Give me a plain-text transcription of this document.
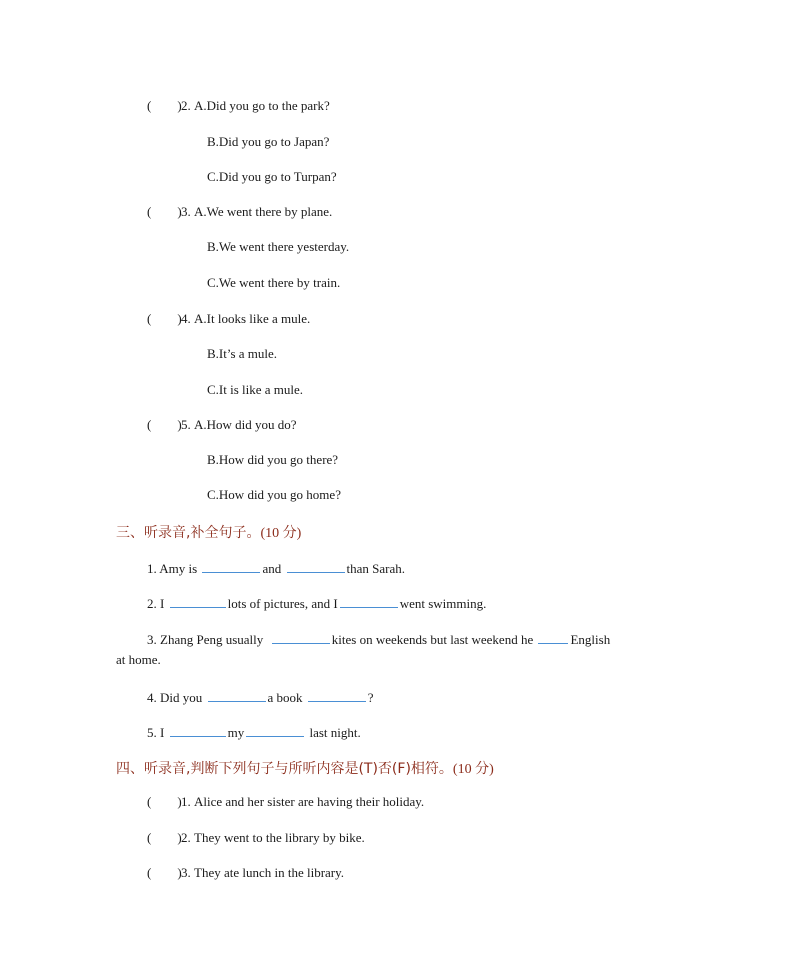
( )2. A.Did you go to the park?
B.Did you go to Japan?
C.Did you go to Turpan?
( )3. A.We went there by plane.
B.We went there yesterday.
C.We went there by train.
( )4. A.It looks like a mule.
B.It’s a mule.
C.It is like a mule.
( )5. A.How did you do?
B.How did you go there?
C.How did you go home?
三、听录音,补全句子。(10 分)
1. Amy is	and	than Sarah.
2. I	lots of pictures, and I	went swimming.
3. Zhang Peng usually	kites on weekends but last weekend he	English
at home.
4. Did you	a book	?
5. I	my	last night.
四、听录音,判断下列句子与所听内容是(T)否(F)相符。(10 分)
( )1. Alice and her sister are having their holiday.
( )2. They went to the library by bike.
( )3. They ate lunch in the library.
